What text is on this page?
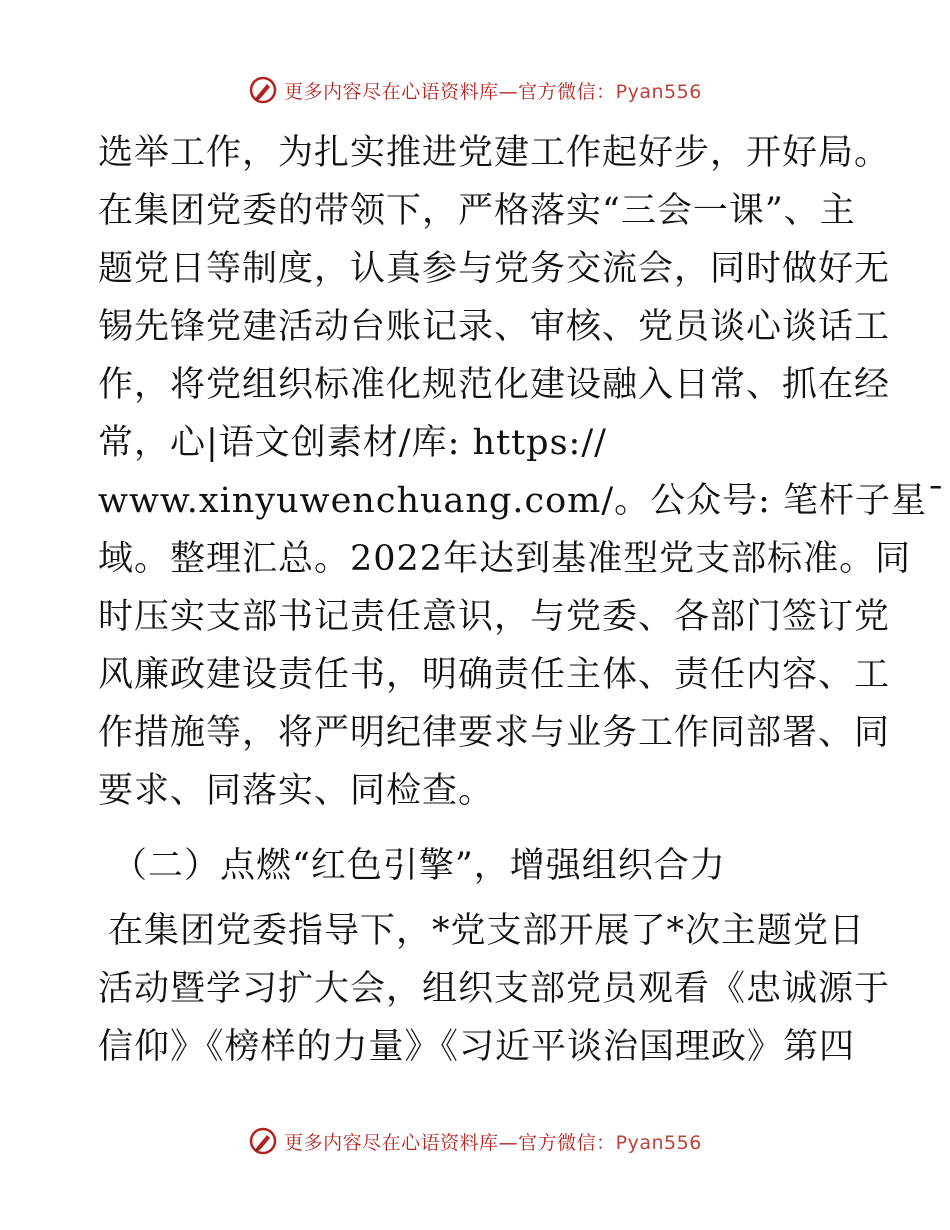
更多内容尽在心语资料库—官方微信：Pyan556
选举工作，为扎实推进党建工作起好步，开好局。
在集团党委的带领下，严格落实“三会一课”、主
题党日等制度，认真参与党务交流会，同时做好无
锡先锋党建活动台账记录、审核、党员谈心谈话工
作，将党组织标准化规范化建设融入日常、抓在经
常，心|语文创素材/库: https://
www.xinyuwenchuang.com/。公众号: 笔杆子星¯
域。整理汇总。2022年达到基准型党支部标准。同
时压实支部书记责任意识，与党委、各部门签订党
风廉政建设责任书，明确责任主体、责任内容、工
作措施等，将严明纪律要求与业务工作同部署、同
要求、同落实、同检查。
（二）点燃“红色引擎”，增强组织合力
在集团党委指导下，*党支部开展了*次主题党日
活动暨学习扩大会，组织支部党员观看《忠诚源于
信仰》《榜样的力量》《习近平谈治国理政》第四
更多内容尽在心语资料库—官方微信：Pyan556
